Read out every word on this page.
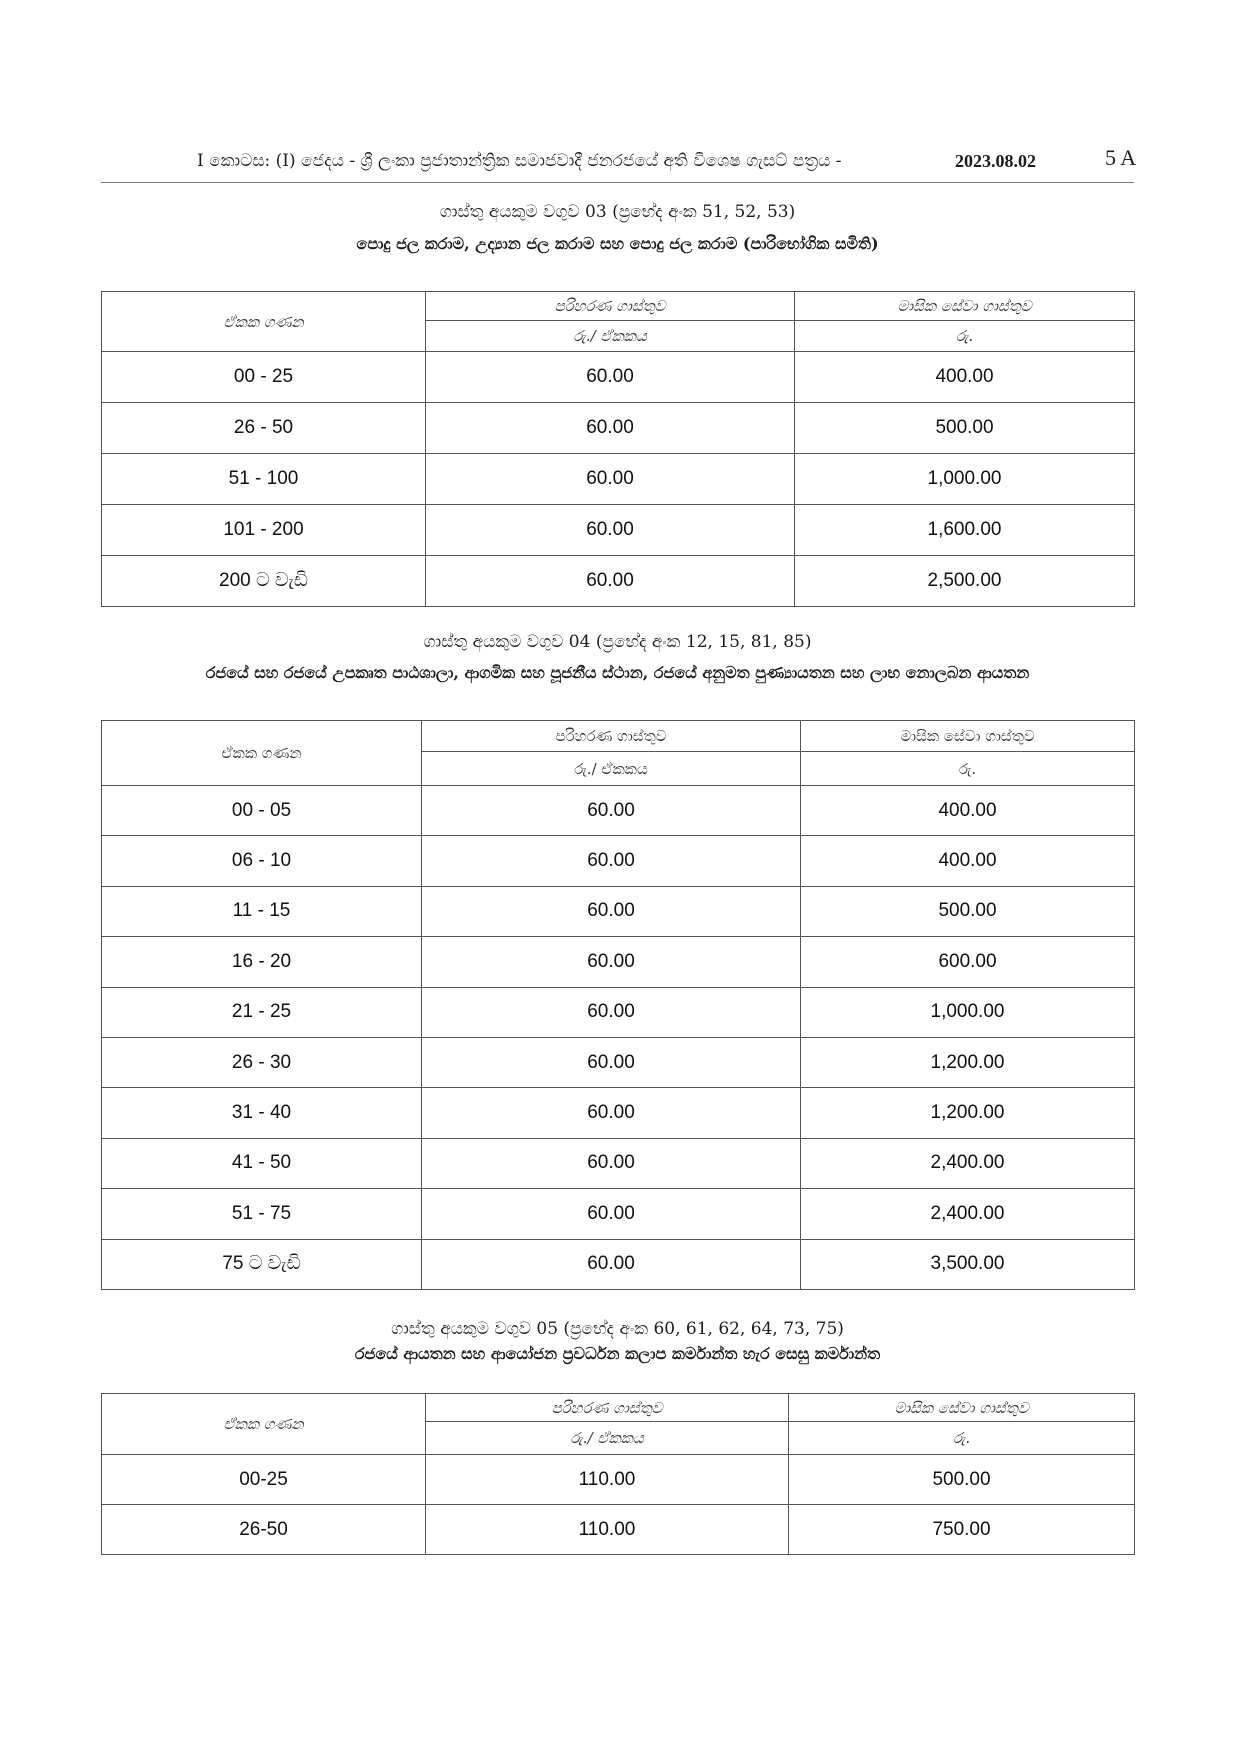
I කොටස: (I) ජෙදය - ශ්‍රී ලංකා ප්‍රජාතාන්ත්‍රික සමාජවාදී ජනරජයේ අති විශෙෂ ගැසට් පත්‍රය -	2023.08.02	5 A
ගාස්තු අයකුම වගුව 03 (ප්‍රභේද අංක 51, 52, 53)
පොදු ජල කරාම, උද්‍යාන ජල කරාම සහ පොදු ජල කරාම (පාරිභෝගික සමිති)
ඒකක ගණන	පරිහරණ ගාස්තුව	මාසික සේවා ගාස්තුව
	රු./ ඒකකය	රු.
00 - 25	60.00	400.00
26 - 50	60.00	500.00
51 - 100	60.00	1,000.00
101 - 200	60.00	1,600.00
200 ට වැඩි	60.00	2,500.00
ගාස්තු අයකුම වගුව 04 (ප්‍රභේද අංක 12, 15, 81, 85)
රජයේ සහ රජයේ උපකෘත පාඨශාලා, ආගමික සහ පූජනීය ස්ථාන, රජයේ අනුමත පුණ්‍යායතන සහ ලාභ නොලබන ආයතන
ඒකක ගණන	පරිහරණ ගාස්තුව	මාසික සේවා ගාස්තුව
	රු./ ඒකකය	රු.
00 - 05	60.00	400.00
06 - 10	60.00	400.00
11 - 15	60.00	500.00
16 - 20	60.00	600.00
21 - 25	60.00	1,000.00
26 - 30	60.00	1,200.00
31 - 40	60.00	1,200.00
41 - 50	60.00	2,400.00
51 - 75	60.00	2,400.00
75 ට වැඩි	60.00	3,500.00
ගාස්තු අයකුම වගුව 05 (ප්‍රභේද අංක 60, 61, 62, 64, 73, 75)
රජයේ ආයතන සහ ආයෝජන ප්‍රවර්ධන කලාප කර්මාන්ත හැර සෙසු කර්මාන්ත
ඒකක ගණන	පරිහරණ ගාස්තුව	මාසික සේවා ගාස්තුව
	රු./ ඒකකය	රු.
00-25	110.00	500.00
26-50	110.00	750.00
